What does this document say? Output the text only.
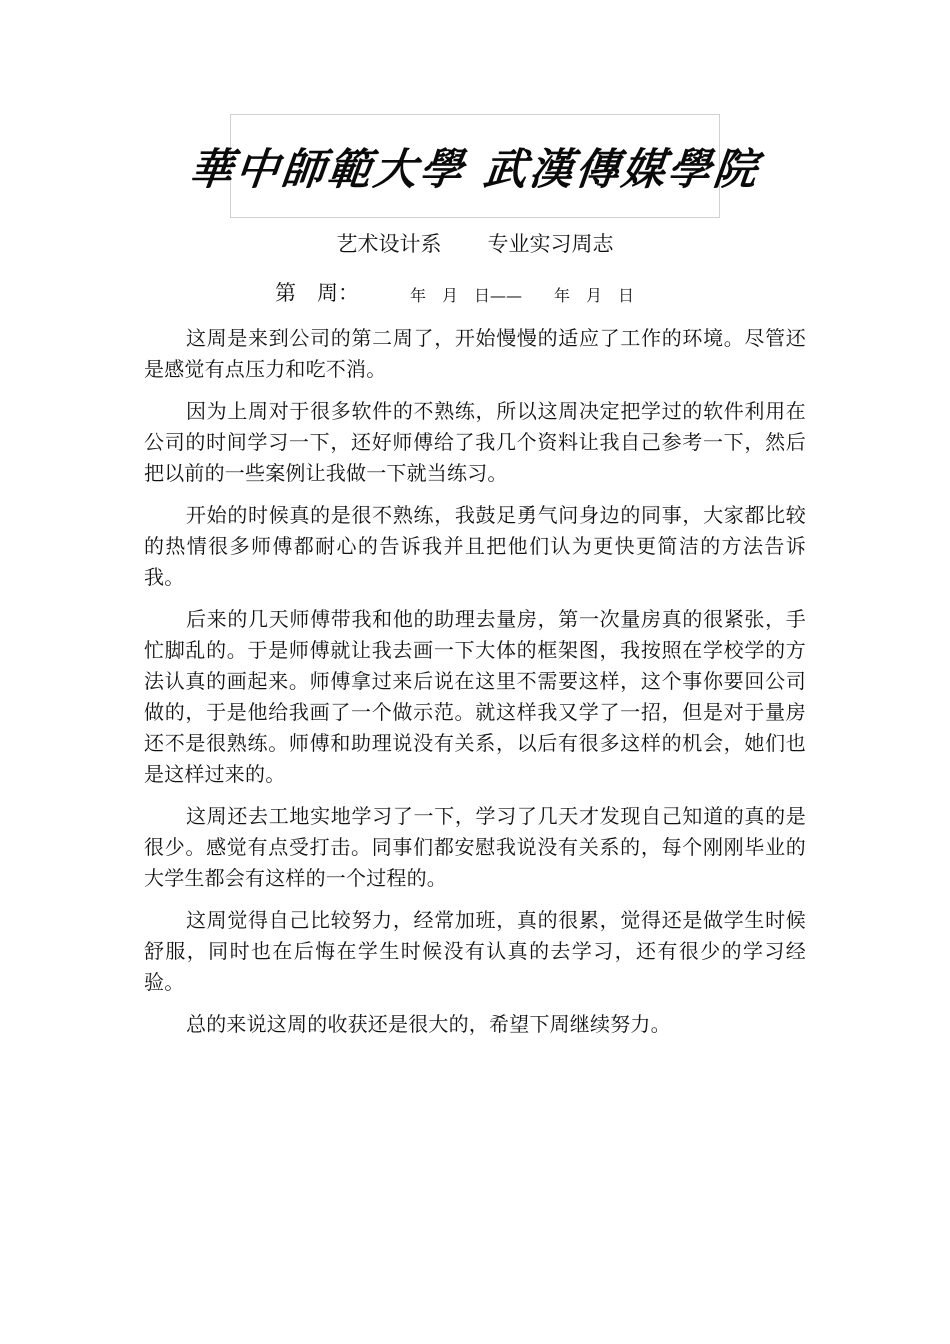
華中師範大學 武漢傳媒學院
艺术设计系 专业实习周志
第　周：	年　月　日——　　年　月　日

这周是来到公司的第二周了，开始慢慢的适应了工作的环境。尽管还是感觉有点压力和吃不消。

因为上周对于很多软件的不熟练，所以这周决定把学过的软件利用在公司的时间学习一下，还好师傅给了我几个资料让我自己参考一下，然后把以前的一些案例让我做一下就当练习。

开始的时候真的是很不熟练，我鼓足勇气问身边的同事，大家都比较的热情很多师傅都耐心的告诉我并且把他们认为更快更简洁的方法告诉我。

后来的几天师傅带我和他的助理去量房，第一次量房真的很紧张，手忙脚乱的。于是师傅就让我去画一下大体的框架图，我按照在学校学的方法认真的画起来。师傅拿过来后说在这里不需要这样，这个事你要回公司做的，于是他给我画了一个做示范。就这样我又学了一招，但是对于量房还不是很熟练。师傅和助理说没有关系，以后有很多这样的机会，她们也是这样过来的。

这周还去工地实地学习了一下，学习了几天才发现自己知道的真的是很少。感觉有点受打击。同事们都安慰我说没有关系的，每个刚刚毕业的大学生都会有这样的一个过程的。

这周觉得自己比较努力，经常加班，真的很累，觉得还是做学生时候舒服，同时也在后悔在学生时候没有认真的去学习，还有很少的学习经验。

总的来说这周的收获还是很大的，希望下周继续努力。
